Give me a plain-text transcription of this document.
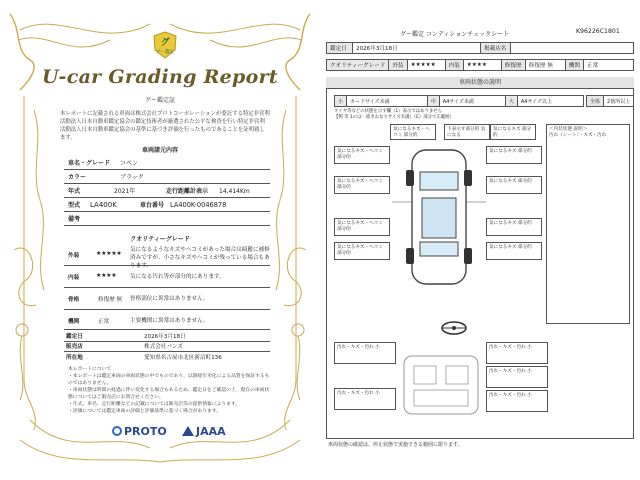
グ
グー鑑定
U-car Grading Report
グー鑑定証
本レポートに記載される車両は株式会社プロトコーポレーションが委託する特定非営利活動法人日本自動車鑑定協会の鑑定技術者が厳選された公平な検査を行い特定非営利活動法人日本自動車鑑定協会の基準に基づき評価を行ったものであることを証明致します。
車両諸元内容
車名・グレード コペン
カラー	ブラック
年式	2021年	走行距離計表示 14,414Km
型式 LA400K	車台番号 LA400K-0046878
備考
クオリティーグレード
外装	★★★★★ 気になるようなキズやヘコミがあった場合は綺麗に補修済みですが、小さなキズやヘコミが残っている場合もあります。
内装	★★★★ 気になる汚れ等が部分的にあります。
骨格	修復歴 無 骨格部位に異常はありません。
機関	正常	主要機関に異常はありません。
鑑定日	2026年3月18日
販売店	株式会社バンズ
所在地	愛知県名古屋市北区新沼町136
本レポートについて
・本レポートは鑑定車両の車両状態の中でものであり、以降経年劣化による品質を保証するものではありません。
・車両状態は時間の経過に伴い変化する場合もあるため、鑑定日をご確認の上、現在の車両状態についてはご販売店にお問合せください。
・年式、車名、走行距離などの記載については販売店等の提供情報によります。
・評価については鑑定車両の評価と評価基準に基づく場合があります。
PROTO	JAAA
グー鑑定 コンディションチェックシート	K96226C1801
鑑定日	2026年3月18日	掲載店名	
クオリティーグレード	外装	★★★★★	内装	★★★★	修復歴	修復歴 無	機関	正常
車両状態の説明
小	カードサイズ未満	中	A4サイズ未満	大	A4サイズ以上	全体	2箇所以上
タイヤ等などの状態を示す欄（1）表示ではありません
【例 等 1のは一部きわなりサイズ未満）（E）部分で広範囲）
気になるキズ・ヘコミ 部分的
気になるキズ・ヘコミ 部分的
気になるキズ・ヘコミ 部分的
気になるキズ・ヘコミ 部分的
気になるキズ・ヘコミ 部分的
下表示す部分的 気になる
気になるキズ 部分的
気になるキズ 部分的
気になるキズ 部分的
気になるキズ 部分的
気になるキズ 部分的
＜内装状態 説明＞
汚れ（シート）・キズ・汚れ
汚れ・キズ・汚れ 小
汚れ・キズ・汚れ 小
汚れ・キズ・汚れ 小
汚れ・キズ・汚れ 小
汚れ・キズ・汚れ 小
車両状態の確認は、停止状態で実施できる範囲に限ります。
